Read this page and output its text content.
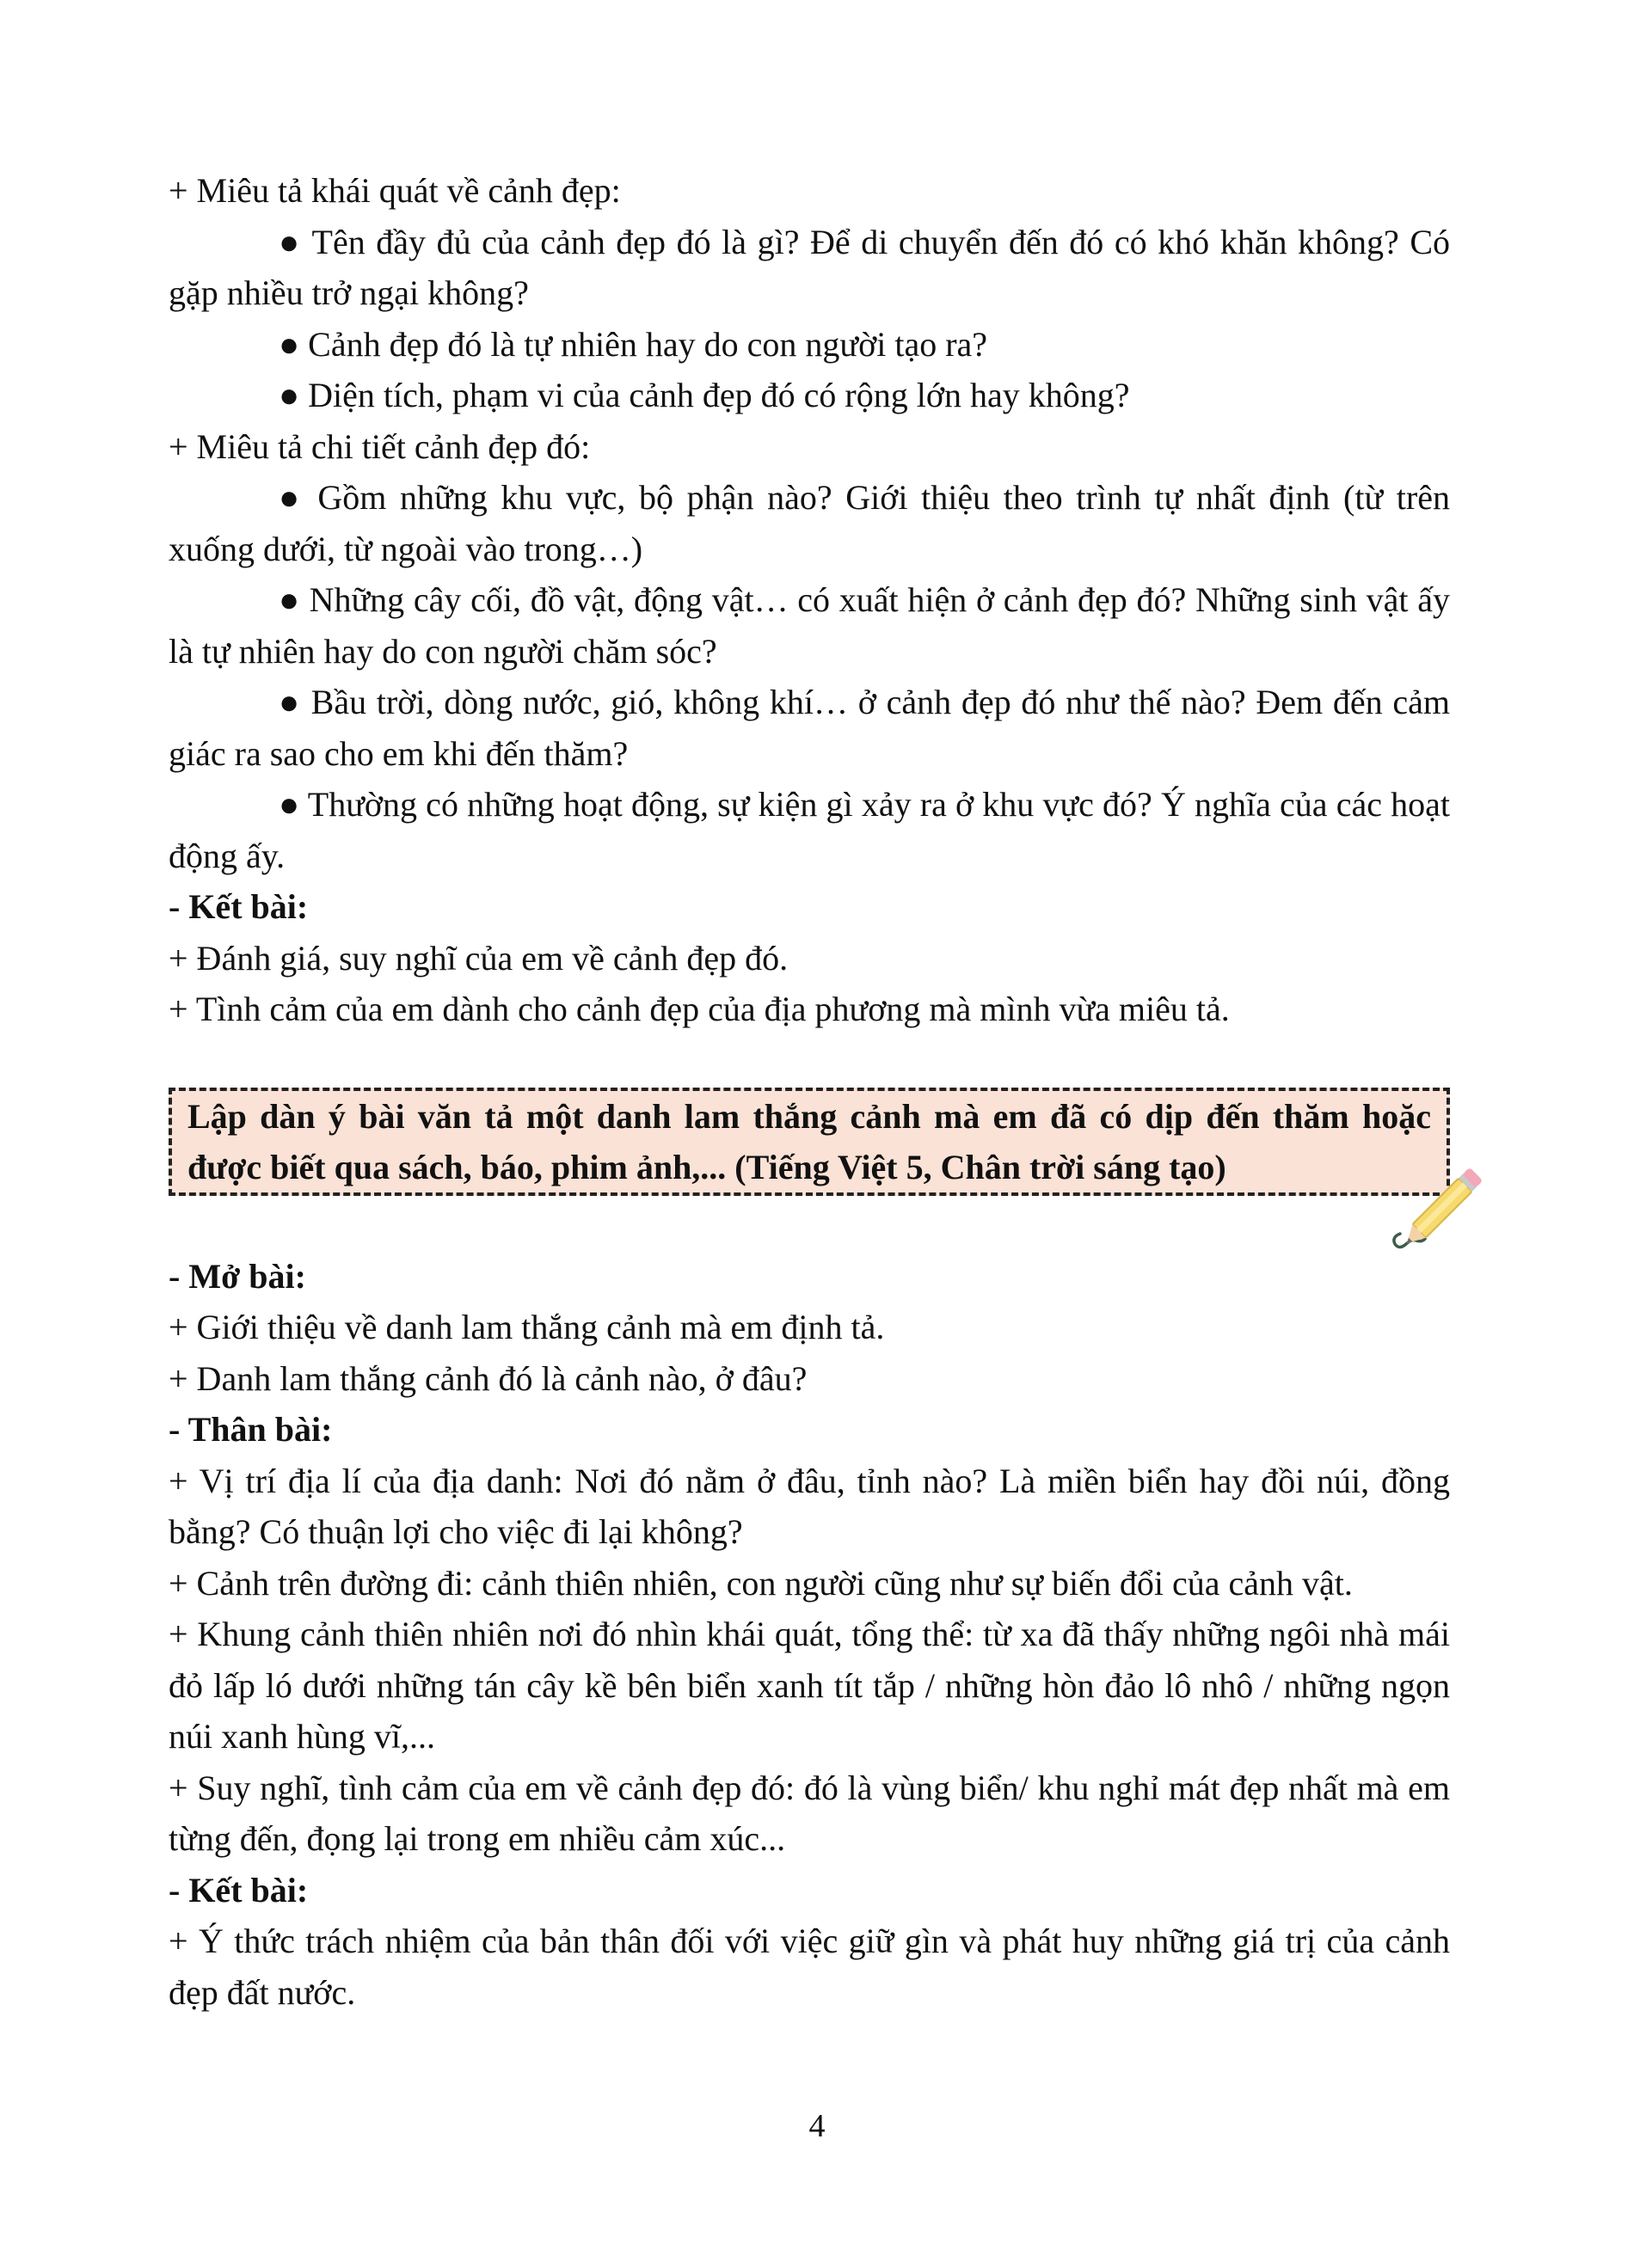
+ Miêu tả khái quát về cảnh đẹp:
● Tên đầy đủ của cảnh đẹp đó là gì? Để di chuyển đến đó có khó khăn không? Có gặp nhiều trở ngại không?
● Cảnh đẹp đó là tự nhiên hay do con người tạo ra?
● Diện tích, phạm vi của cảnh đẹp đó có rộng lớn hay không?
+ Miêu tả chi tiết cảnh đẹp đó:
● Gồm những khu vực, bộ phận nào? Giới thiệu theo trình tự nhất định (từ trên xuống dưới, từ ngoài vào trong…)
● Những cây cối, đồ vật, động vật… có xuất hiện ở cảnh đẹp đó? Những sinh vật ấy là tự nhiên hay do con người chăm sóc?
● Bầu trời, dòng nước, gió, không khí… ở cảnh đẹp đó như thế nào? Đem đến cảm giác ra sao cho em khi đến thăm?
● Thường có những hoạt động, sự kiện gì xảy ra ở khu vực đó? Ý nghĩa của các hoạt động ấy.
- Kết bài:
+ Đánh giá, suy nghĩ của em về cảnh đẹp đó.
+ Tình cảm của em dành cho cảnh đẹp của địa phương mà mình vừa miêu tả.
Lập dàn ý bài văn tả một danh lam thắng cảnh mà em đã có dịp đến thăm hoặc được biết qua sách, báo, phim ảnh,... (Tiếng Việt 5, Chân trời sáng tạo)
- Mở bài:
+ Giới thiệu về danh lam thắng cảnh mà em định tả.
+ Danh lam thắng cảnh đó là cảnh nào, ở đâu?
- Thân bài:
+ Vị trí địa lí của địa danh: Nơi đó nằm ở đâu, tỉnh nào? Là miền biển hay đồi núi, đồng bằng? Có thuận lợi cho việc đi lại không?
+ Cảnh trên đường đi: cảnh thiên nhiên, con người cũng như sự biến đổi của cảnh vật.
+ Khung cảnh thiên nhiên nơi đó nhìn khái quát, tổng thể: từ xa đã thấy những ngôi nhà mái đỏ lấp ló dưới những tán cây kề bên biển xanh tít tắp / những hòn đảo lô nhô / những ngọn núi xanh hùng vĩ,...
+ Suy nghĩ, tình cảm của em về cảnh đẹp đó: đó là vùng biển/ khu nghỉ mát đẹp nhất mà em từng đến, đọng lại trong em nhiều cảm xúc...
- Kết bài:
+ Ý thức trách nhiệm của bản thân đối với việc giữ gìn và phát huy những giá trị của cảnh đẹp đất nước.
4
